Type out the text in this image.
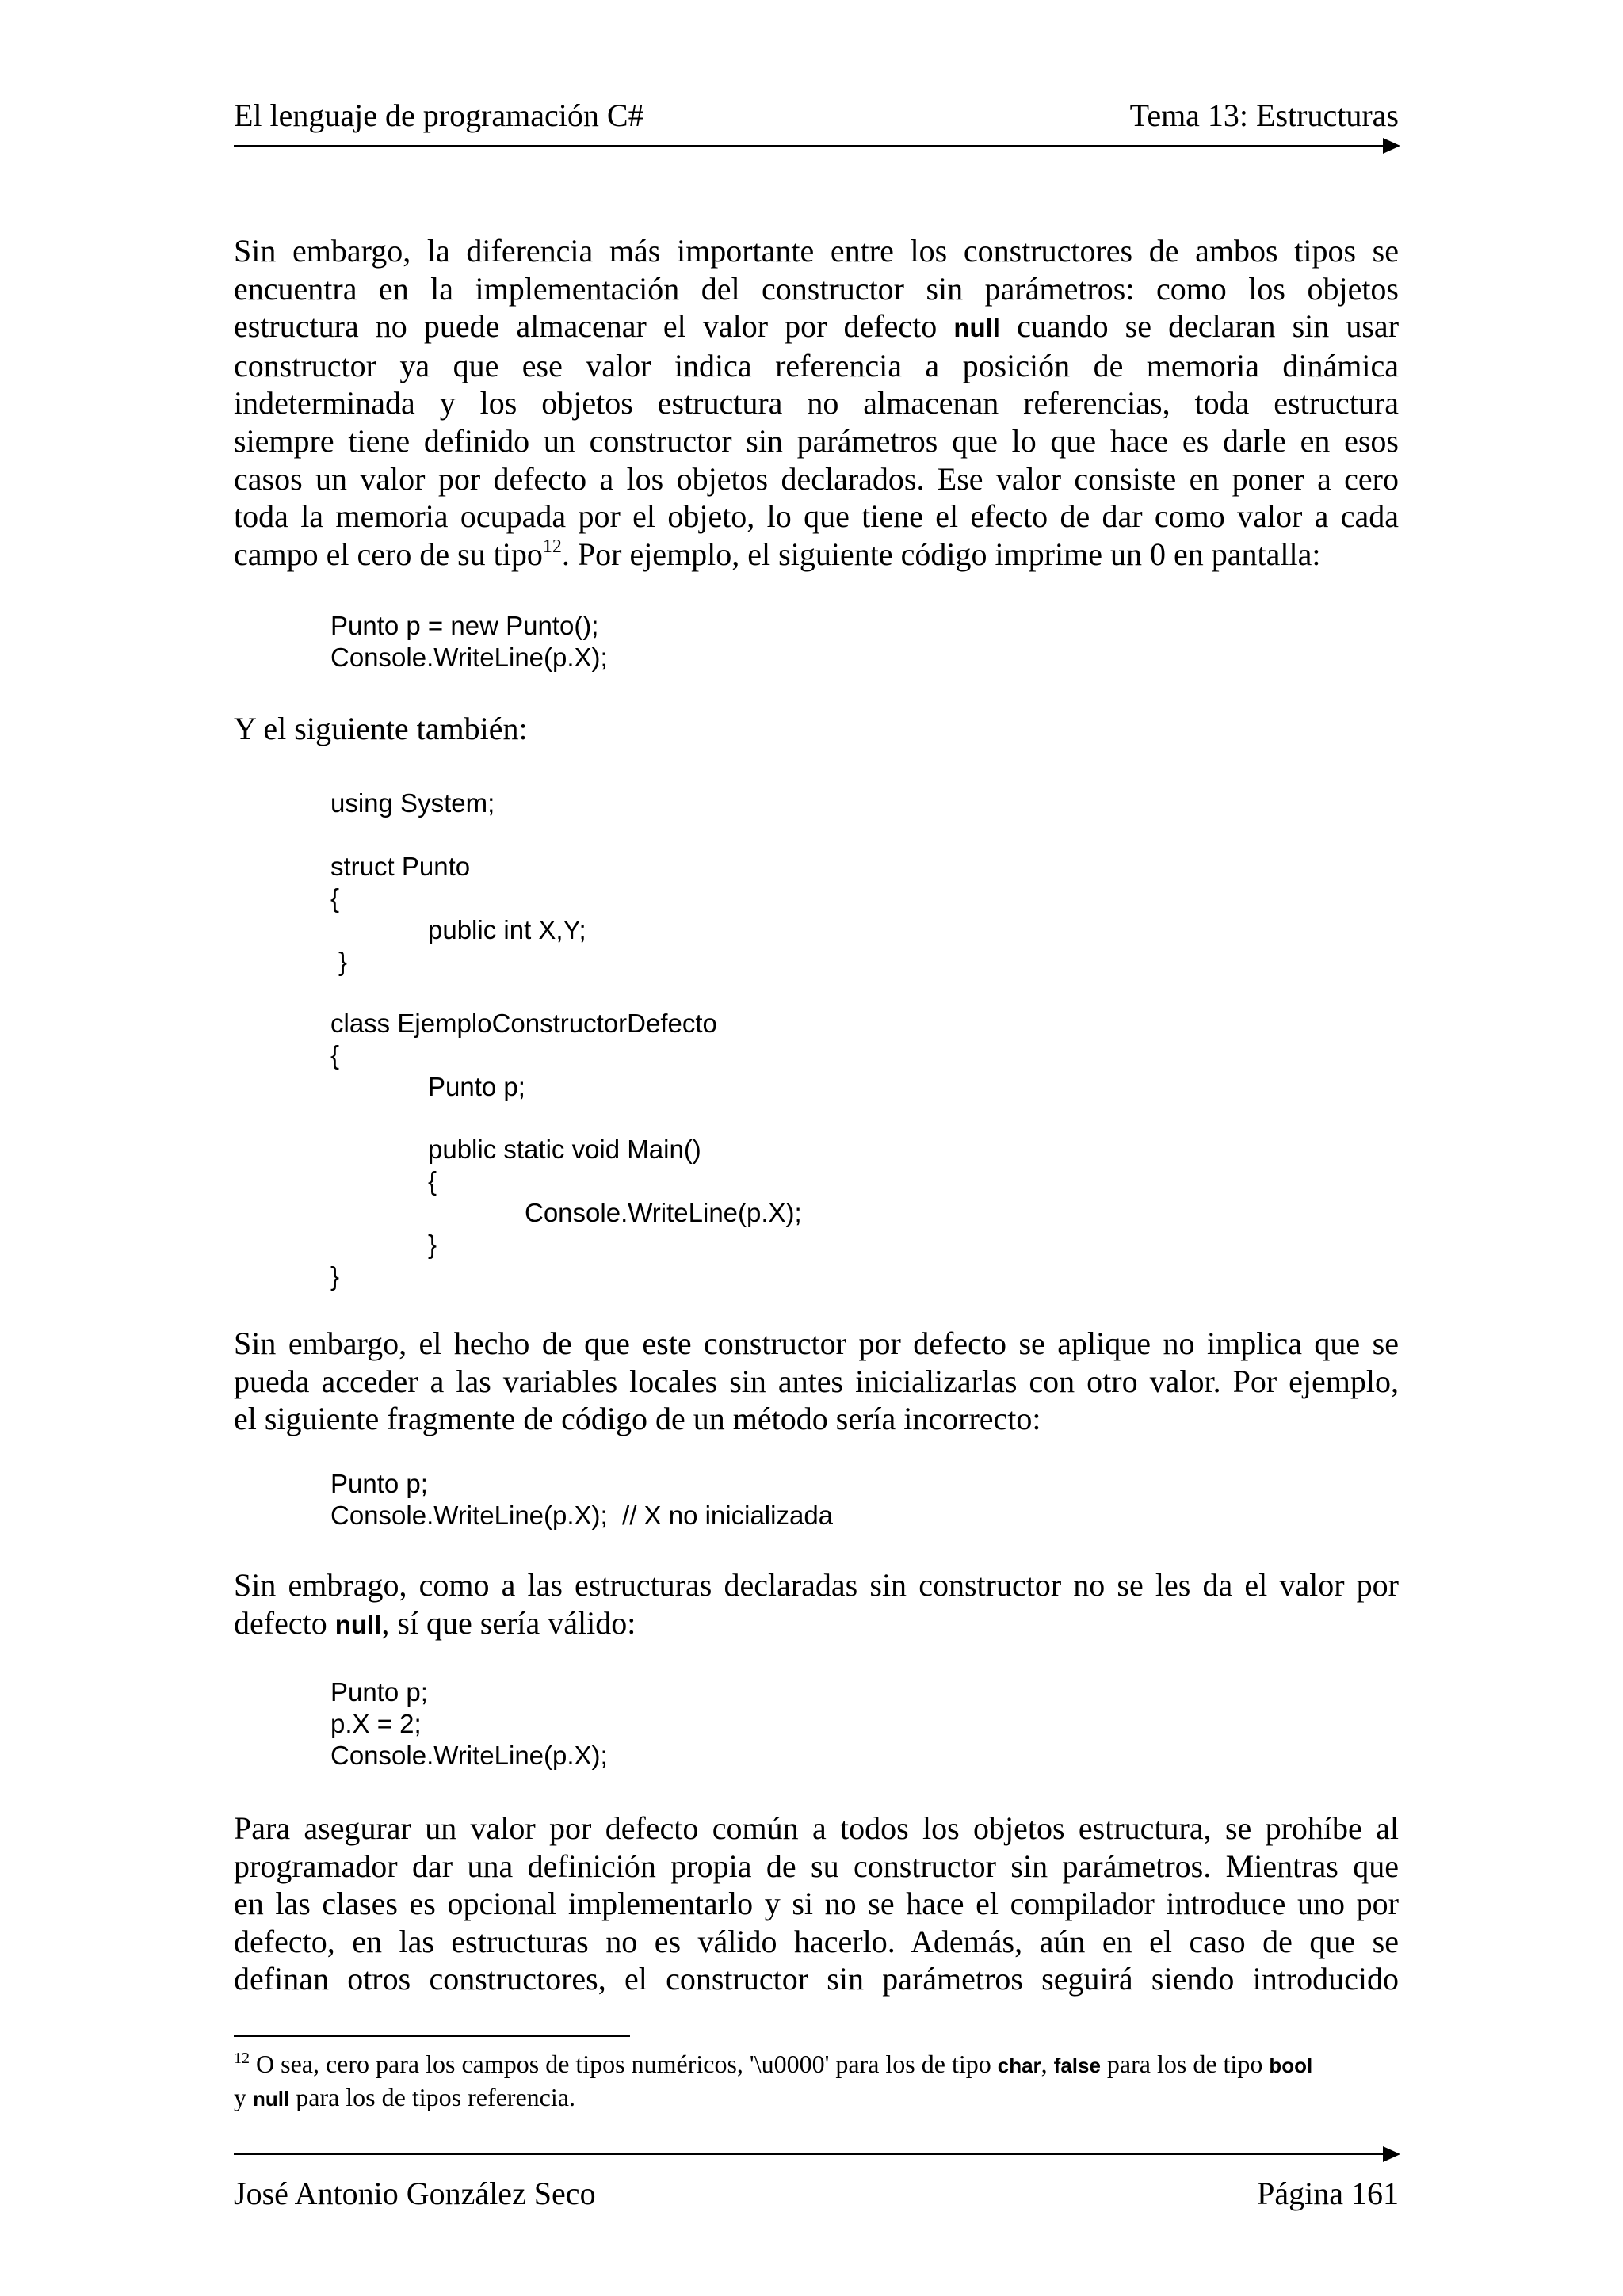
El lenguaje de programación C#	Tema 13: Estructuras
Sin embargo, la diferencia más importante entre los constructores de ambos tipos se
encuentra en la implementación del constructor sin parámetros: como los objetos
estructura no puede almacenar el valor por defecto null cuando se declaran sin usar
constructor ya que ese valor indica referencia a posición de memoria dinámica
indeterminada y los objetos estructura no almacenan referencias, toda estructura
siempre tiene definido un constructor sin parámetros que lo que hace es darle en esos
casos un valor por defecto a los objetos declarados. Ese valor consiste en poner a cero
toda la memoria ocupada por el objeto, lo que tiene el efecto de dar como valor a cada
campo el cero de su tipo$^{12}$. Por ejemplo, el siguiente código imprime un 0 en pantalla:

Punto p = new Punto();

Console.WriteLine(p.X);

Y el siguiente también:

using System;

struct Punto

{

public int X,Y;

}

class EjemploConstructorDefecto

{

Punto p;

public static void Main()

{

Console.WriteLine(p.X);

}

}

Sin embargo, el hecho de que este constructor por defecto se aplique no implica que se
pueda acceder a las variables locales sin antes inicializarlas con otro valor. Por ejemplo,
el siguiente fragmente de código de un método sería incorrecto:

Punto p;

Console.WriteLine(p.X);  // X no inicializada

Sin embrago, como a las estructuras declaradas sin constructor no se les da el valor por
defecto null, sí que sería válido:

Punto p;

p.X = 2;

Console.WriteLine(p.X);

Para asegurar un valor por defecto común a todos los objetos estructura, se prohíbe al
programador dar una definición propia de su constructor sin parámetros. Mientras que
en las clases es opcional implementarlo y si no se hace el compilador introduce uno por
defecto, en las estructuras no es válido hacerlo. Además, aún en el caso de que se
definan otros constructores, el constructor sin parámetros seguirá siendo introducido
$^{12}$ O sea, cero para los campos de tipos numéricos, '\u0000' para los de tipo char, false para los de tipo bool
y null para los de tipos referencia.
José Antonio González Seco	Página 161
